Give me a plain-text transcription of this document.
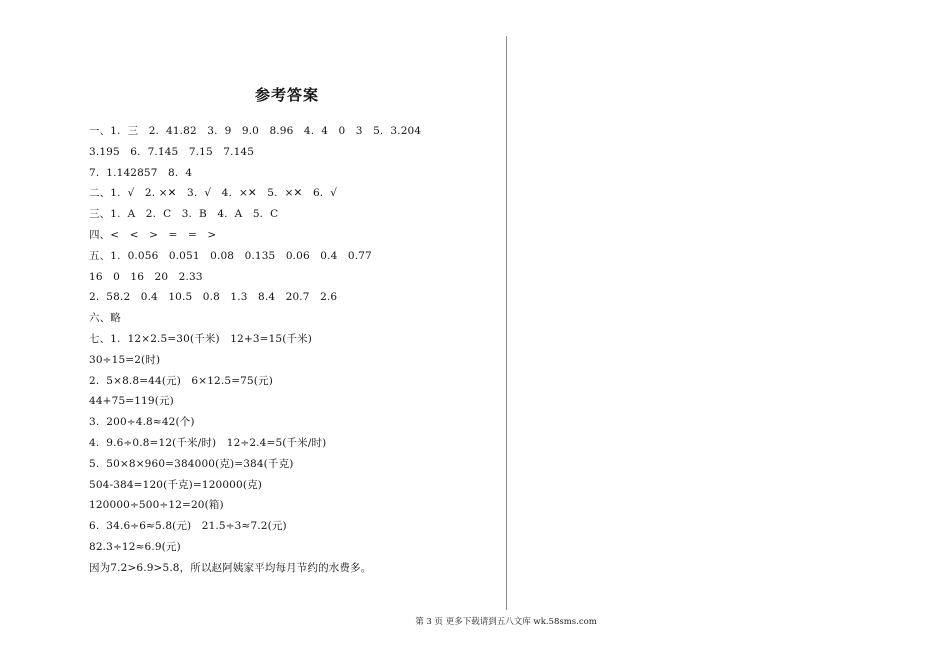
参考答案
一、1.  三   2.  41.82   3.  9   9.0   8.96   4.  4   0   3   5.  3.204
3.195   6.  7.1̇45   7.15   7.145
7.  1.142857̇   8.  4
二、1.  √   2. ×✕   3.  √   4.  ×✕   5.  ×✕   6.  √
三、1.  A   2.  C   3.  B   4.  A   5.  C
四、<   <   >   =   =   >
五、1.  0.056   0.051   0.08   0.135   0.06   0.4   0.77
16   0   16   20   2.33
2.  58.2   0.4   10.5   0.8   1.3   8.4   20.7   2.6
六、略
七、1.  12×2.5=30(千米)   12+3=15(千米)
30÷15=2(时)
2.  5×8.8=44(元)   6×12.5=75(元)
44+75=119(元)
3.  200÷4.8≈42(个)
4.  9.6÷0.8=12(千米/时)   12÷2.4=5(千米/时)
5.  50×8×960=384000(克)=384(千克)
504-384=120(千克)=120000(克)
120000÷500÷12=20(箱)
6.  34.6÷6≈5.8(元)   21.5÷3≈7.2(元)
82.3÷12≈6.9(元)
因为7.2>6.9>5.8，所以赵阿姨家平均每月节约的水费多。
第 3 页 更多下载请到五八文库 wk.58sms.com
